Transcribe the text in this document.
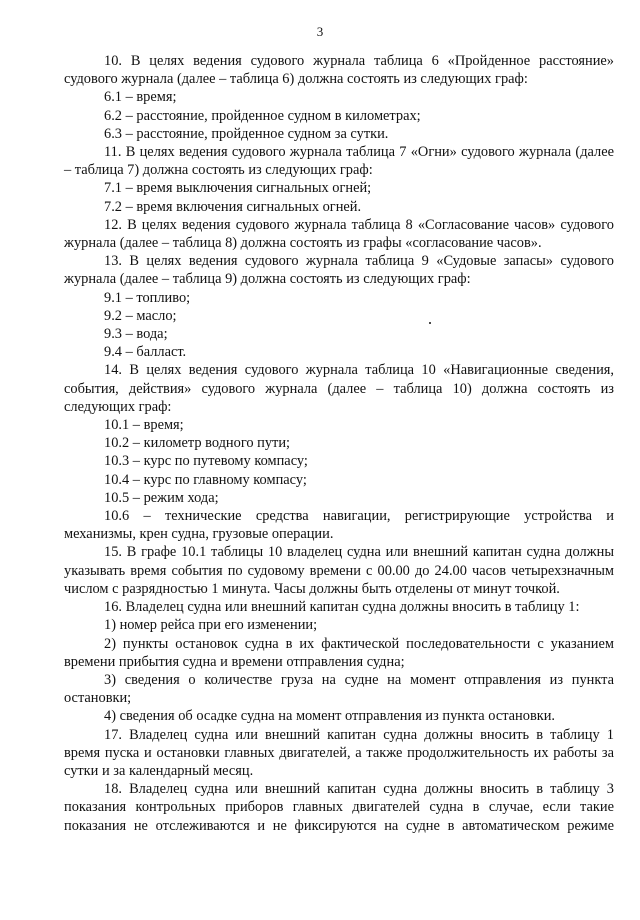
3

10. В целях ведения судового журнала таблица 6 «Пройденное расстояние» судового журнала (далее – таблица 6) должна состоять из следующих граф:

6.1 – время;

6.2 – расстояние, пройденное судном в километрах;

6.3 – расстояние, пройденное судном за сутки.

11. В целях ведения судового журнала таблица 7 «Огни» судового журнала (далее – таблица 7) должна состоять из следующих граф:

7.1 – время выключения сигнальных огней;

7.2 – время включения сигнальных огней.

12. В целях ведения судового журнала таблица 8 «Согласование часов» судового журнала (далее – таблица 8) должна состоять из графы «согласование часов».

13. В целях ведения судового журнала таблица 9 «Судовые запасы» судового журнала (далее – таблица 9) должна состоять из следующих граф:

9.1 – топливо;

9.2 – масло;

9.3 – вода;

9.4 – балласт.

14. В целях ведения судового журнала таблица 10 «Навигационные сведения, события, действия» судового журнала (далее – таблица 10) должна состоять из следующих граф:

10.1 – время;

10.2 – километр водного пути;

10.3 – курс по путевому компасу;

10.4 – курс по главному компасу;

10.5 – режим хода;

10.6 – технические средства навигации, регистрирующие устройства и механизмы, крен судна, грузовые операции.

15. В графе 10.1 таблицы 10 владелец судна или внешний капитан судна должны указывать время события по судовому времени с 00.00 до 24.00 часов четырехзначным числом с разрядностью 1 минута. Часы должны быть отделены от минут точкой.

16. Владелец судна или внешний капитан судна должны вносить в таблицу 1:

1) номер рейса при его изменении;

2) пункты остановок судна в их фактической последовательности с указанием времени прибытия судна и времени отправления судна;

3) сведения о количестве груза на судне на момент отправления из пункта остановки;

4) сведения об осадке судна на момент отправления из пункта остановки.

17. Владелец судна или внешний капитан судна должны вносить в таблицу 1 время пуска и остановки главных двигателей, а также продолжительность их работы за сутки и за календарный месяц.

18. Владелец судна или внешний капитан судна должны вносить в таблицу 3 показания контрольных приборов главных двигателей судна в случае, если такие показания не отслеживаются и не фиксируются на судне в автоматическом режиме
